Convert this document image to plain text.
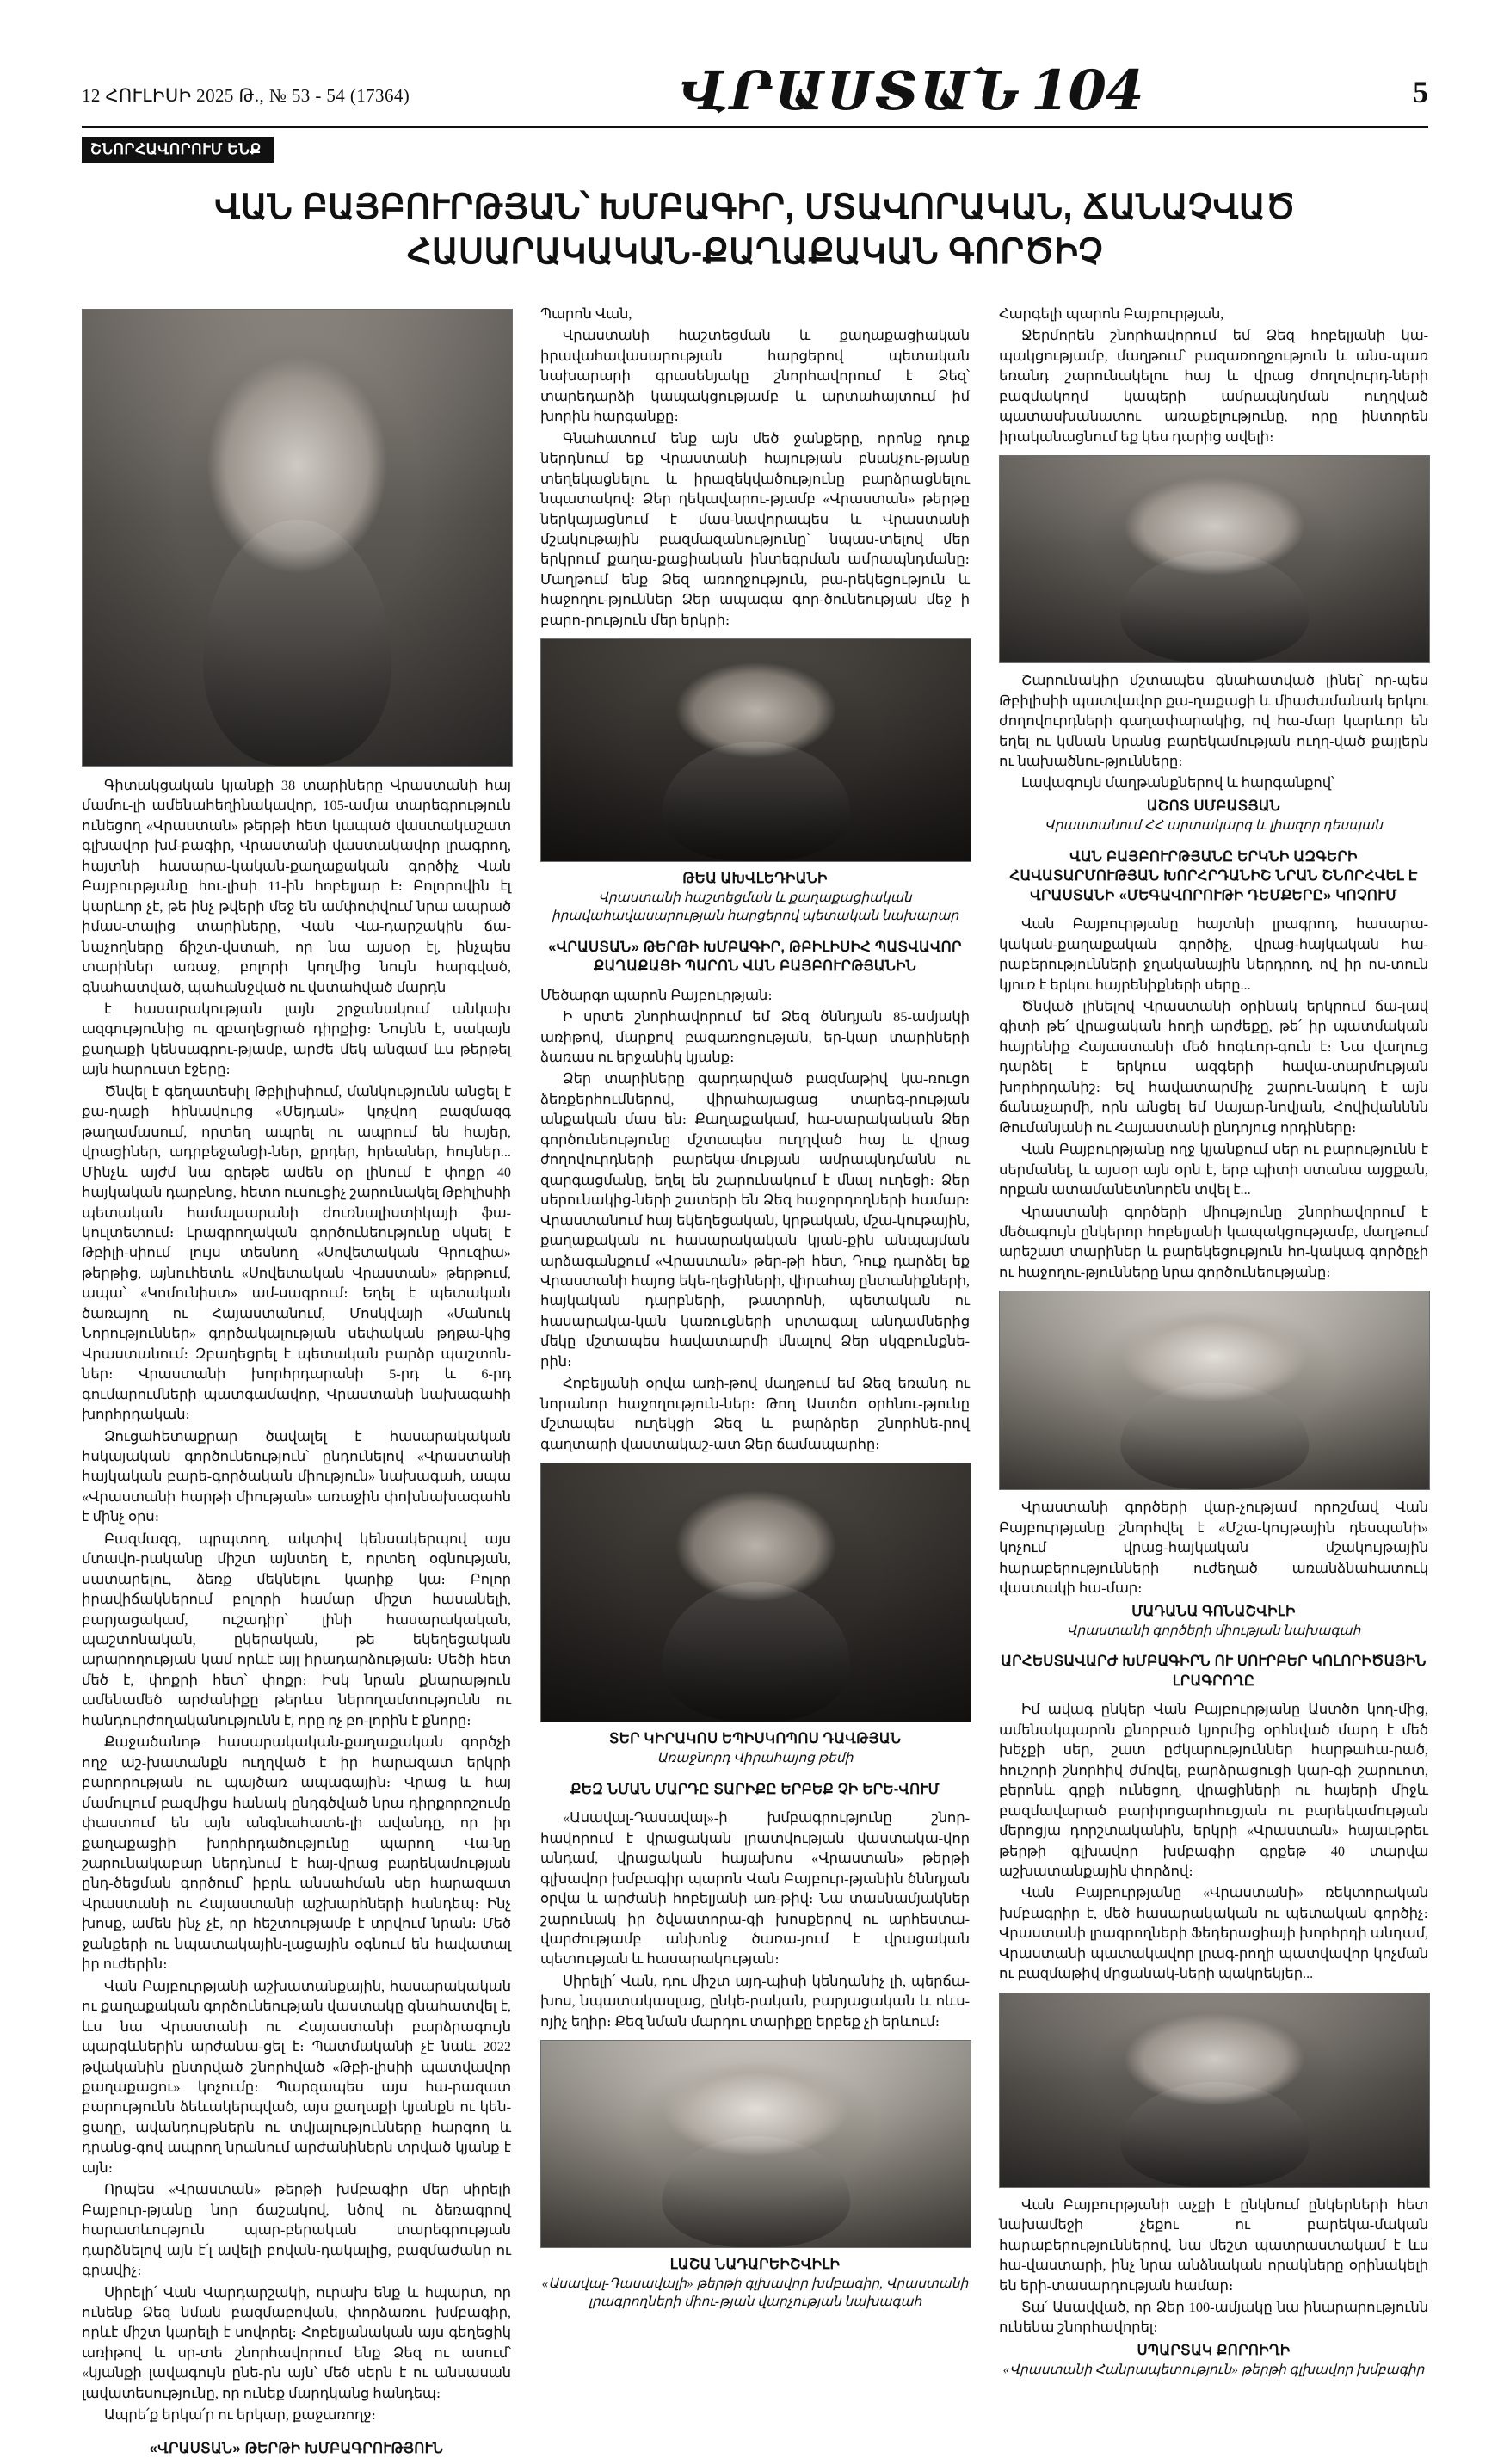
12 ՀՈՒԼԻՍԻ 2025 Թ., № 53 - 54 (17364)	ՎՐԱՍՏԱՆ 104	5
ՇՆՈՐՀԱՎՈՐՈՒՄ ԵՆՔ
ՎԱՆ ԲԱՅԲՈՒՐԹՅԱՆ՝ ԽՄԲԱԳԻՐ, ՄՏԱՎՈՐԱԿԱՆ, ՃԱՆԱՉՎԱԾ ՀԱՍԱՐԱԿԱԿԱՆ-ՔԱՂԱՔԱԿԱՆ ԳՈՐԾԻՉ

Գիտակցական կյանքի 38 տարիները Վրաստանի հայ մամու-լի ամենահեղինակավոր, 105-ամյա տարեգրություն ունեցող «Վրաստան» թերթի հետ կապած վաստակաշատ գլխավոր խմ-բագիր, Վրաստանի վաստակավոր լրագրող, հայտնի հասարա-կական-քաղաքական գործիչ Վան Բայբուրթյանը հու-լիսի 11-ին հոբելյար է։ Բոլորովին էլ կարևոր չէ, թե ինչ թվերի մեջ են ամփոփվում նրա ապրած իմաս-տալից տարիները, Վան Վա-դարշակին ճա-նաչողները ճիշտ-վստահ, որ նա այսօր էլ, ինչպես տարիներ առաջ, բոլորի կողմից նույն հարգված, գնահատված, պահանջված ու վստահված մարդն

է հասարակության լայն շրջանակում անկախ ազգությունից ու զբաղեցրած դիրքից։ Նույնն է, սակայն քաղաքի կենսագրու-թյամբ, արժե մեկ անգամ ևս թերթել այն հարուստ էջերը։

Ծնվել է գեղատեսիլ Թբիլիսիում, մանկությունն անցել է քա-ղաքի հինավուրց «Մեյդան» կոչվող բազմազգ թաղամասում, որտեղ ապրել ու ապրում են հայեր, վրացիներ, ադրբեջանցի-ներ, քրդեր, հրեաներ, հույներ... Մինչև այժմ նա գրեթե ամեն օր լինում է փոքր 40 հայկական դարբնոց, հետո ուսուցիչ շարունակել Թբիլիսիի պետական համալսարանի ժուռնալիստիկայի ֆա-կուլտետում։ Լրագրողական գործունեությունը սկսել է Թբիլի-սիում լույս տեսնող «Սովետական Գրուզիա» թերթից, այնուհետև «Սովետական Վրաստան» թերթում, ապա՝ «Կոմունիստ» ամ-սագրում։ Եղել է պետական ծառայող ու Հայաստանում, Մոսկվայի «Մանուկ Նորություններ» գործակալության սեփական թղթա-կից Վրաստանում։ Զբաղեցրել է պետական բարձր պաշտոն-ներ։ Վրաստանի խորհրդարանի 5-րդ և 6-րդ գումարումների պատգամավոր, Վրաստանի նախագահի խորհրդական։

Ձուցահետաքրար ծավալել է հասարակական հսկայական գործունեություն՝ ընդունելով «Վրաստանի հայկական բարե-գործական միություն» նախագահ, ապա «Վրաստանի հարթի միության» առաջին փոխնախագահն է մինչ օրս։

Բազմազգ, պրպտող, ակտիվ կենսակերպով այս մտավո-րականը միշտ այնտեղ է, որտեղ օգնության, սատարելու, ձեռք մեկնելու կարիք կա։ Բոլոր իրավիճակներում բոլորի համար միշտ հասանելի, բարյացակամ, ուշադիր՝ լինի հասարակական, պաշտոնական, ըկերական, թե եկեղեցական արարողության կամ որևէ այլ իրադարձության։ Մեծի հետ մեծ է, փոքրի հետ՝ փոքր։ Իսկ նրան քնարաթյուն ամենամեծ արժանիքը թերևս ներողամտությունն ու հանդուրժողականությունն է, որը ոչ բո-լորին է քնորը։

Քաջածանոթ հասարակական-քաղաքական գործչի ողջ աշ-խատանքն ուղղված է իր հարազատ երկրի բարորության ու պայծառ ապագային։ Վրաց և հայ մամուլում բազմիցս հանակ ընդգծված նրա դիրքորոշումը փաստում են այն անգնահատե-լի ավանդը, որ իր քաղաքացիի խորհրդածությունը պարող Վա-նը շարունակաբար ներդնում է հայ-վրաց բարեկամության ընդ-ծեցման գործում՝ իբրև անսահման սեր հարազատ Վրաստանի ու Հայաստանի աշխարհների հանդեպ։ Ինչ խոսք, ամեն ինչ չէ, որ հեշտությամբ է տրվում նրան։ Մեծ ջանքերի ու նպատակային-լացային օգնում են հավատալ իր ուժերին։

Վան Բայբուրթյանի աշխատանքային, հասարակական ու քաղաքական գործունեության վաստակը գնահատվել է, ևս նա Վրաստանի ու Հայաստանի բարձրագույն պարգևներին արժանա-ցել է։ Պատմականի չէ նաև 2022 թվականին ընտրված շնորհված «Թբի-լիսիի պատվավոր քաղաքացու» կոչումը։ Պարզապես այս հա-րազատ բարությունն ձեևակերպված, այս քաղաքի կյանքն ու կեն-ցաղը, ավանդույթներն ու տվյալությունները հարգող և դրանց-գով ապրող նրանում արժանիներն տրված կյանք է այն։

Որպես «Վրաստան» թերթի խմբագիր մեր սիրելի Բայբուր-թյանը նոր ճաշակով, նծով ու ձեռագրով հարատևություն պար-բերական տարեգրության դարձնելով այն է՛լ ավելի բովան-դակալից, բազմաժանր ու գրավիչ։

Սիրելի՛ Վան Վարդարշակի, ուրախ ենք և հպարտ, որ ունենք Ձեզ նման բազմաբովան, փորձառու խմբագիր, որևէ միշտ կարելի է սովորել։ Հոբելյանական այս գեղեցիկ առիթով և սր-տե շնորհավորում ենք Ձեզ ու ասում՝ «կյանքի լավագույն ընե-րն այն՝ մեծ սերն է ու անսասան լավատեսությունը, որ ունեք մարդկանց հանդեպ։

Ապրե՛ք երկա՛ր ու երկար, քաջառողջ։

«ՎՐԱՍՏԱՆ» ԹԵՐԹԻ ԽՄԲԱԳՐՈՒԹՅՈՒՆ

Պարոն Վան,

Վրաստանի հաշտեցման և քաղաքացիական իրավահավասարության հարցերով պետական նախարարի գրասենյակը շնորհավորում է Ձեզ՝ տարեդարձի կապակցությամբ և արտահայտում իմ խորին հարգանքը։

Գնահատում ենք այն մեծ ջանքերը, որոնք դուք ներդնում եք Վրաստանի հայության բնակչու-թյանը տեղեկացնելու և իրազեկվածությունը բարձրացնելու նպատակով։ Ձեր ղեկավարու-թյամբ «Վրաստան» թերթը ներկայացնում է մաս-նավորապես և Վրաստանի մշակութային բազմազանությունը՝ նպաս-տելով մեր երկրում քաղա-քացիական ինտեգրման ամրապնդմանը։ Մաղթում ենք Ձեզ առողջություն, բա-րեկեցություն և հաջողու-թյուններ Ձեր ապագա գոր-ծունեության մեջ ի բարո-րություն մեր երկրի։

ԹԵԱ ԱԽՎԼԵԴԻԱՆԻ
Վրաստանի հաշտեցման և քաղաքացիական իրավահավասարության հարցերով պետական նախարար
«ՎՐԱՍՏԱՆ» ԹԵՐԹԻ ԽՄԲԱԳԻՐ, ԹԲԻԼԻՍԻՀ ՊԱՏՎԱՎՈՐ ՔԱՂԱՔԱՑԻ ՊԱՐՈՆ ՎԱՆ ԲԱՅԲՈՒՐԹՅԱՆԻՆ

Մեծարգո պարոն Բայբուրթյան։

Ի սրտե շնորհավորում եմ Ձեզ ծննդյան 85-ամյակի առիթով, մարքով բազառոցության, եր-կար տարիների ձառաս ու երջանիկ կյանք։

Ձեր տարիները գարդարված բազմաթիվ կա-ռուցո ձեռքերհումներով, վիրահայացաց տարեգ-րության անքական մաս են։ Քաղաքակամ, հա-սարակական Ձեր գործունեությունը մշտապես ուղղված հայ և վրաց ժողովուրդների բարեկա-մության ամրապնդմանն ու զարգացմանը, եղել են շարունակում է մնալ ուղեցի։ Ձեր սերունակից-ների շատերի են Ձեզ հաջորդողների համար։ Վրաստանում հայ եկեղեցական, կրթական, մշա-կութային, քաղաքական ու հասարակական կյան-քին անպայման արձագանքում «Վրաստան» թեր-թի հետ, Դուք դարձել եք Վրաստանի հայոց եկե-ղեցիների, վիրահայ ընտանիքների, հայկական դարբների, թատրոնի, պետական ու հասարակա-կան կառուցների սրտագալ անդամներից մեկը մշտապես հավատարմի մնալով Ձեր սկզբունքնե-րին։

Հոբելյանի օրվա առի-թով մաղթում եմ Ձեզ եռանդ ու նորանոր հաջողություն-ներ։ Թող Աստծո օրհնու-թյունը մշտապես ուղեկցի Ձեզ և բարձրեր շնորհնե-րով գաղտարի վաստակաշ-ատ Ձեր ճամապարհը։

ՏԵՐ ԿԻՐԱԿՈՍ ԵՊԻՍԿՈՊՈՍ ԴԱՎԹՅԱՆ
Առաջնորդ Վիրահայոց թեմի
ՔԵԶ ՆՄԱՆ ՄԱՐԴԸ ՏԱՐԻՔԸ ԵՐԲԵՔ ՉԻ ԵՐԵ-ՎՈՒՄ

«Ասավալ-Դասավալ»-ի խմբագրությունը շնոր-հավորում է վրացական լրատվության վաստակա-վոր անդամ, վրացական հայախոս «Վրաստան» թերթի գլխավոր խմբագիր պարոն Վան Բայբուր-թյանին ծննդյան օրվա և արժանի հոբելյանի առ-թիվ։ Նա տասնամյակներ շարունակ իր ծվսատորա-գի խոսքերով ու արհեստա-վարժությամբ անխոնջ ծառա-յում է վրացական պետության և հասարակության։

Սիրելի՛ Վան, դու միշտ այդ-պիսի կենդանիչ լի, պերճա-խոս, նպատակասլաց, ընկե-րական, բարյացական և ոևս-ոյիչ եղիր։ Քեզ նման մարդու տարիքը երբեք չի երևում։

ԼԱՇԱ ՆԱԴԱՐԵԻՇՎԻԼԻ
«Ասավալ-Դասավալի» թերթի գլխավոր խմբագիր, Վրաստանի լրագրողների միու-թյան վարչության նախագահ

Հարգելի պարոն Բայբուրթյան,

Ջերմորեն շնորհավորում եմ Ձեզ հոբելյանի կա-պակցությամբ, մաղթում՝ բազառողջություն և անս-պառ եռանդ շարունակելու հայ և վրաց ժողովուրդ-ների բազմակողմ կապերի ամրապնդման ուղղված պատասխանատու առաքելությունը, որը ինտորեն իրականացնում եք կես դարից ավելի։

Շարունակիր մշտապես գնահատված լինել՝ որ-պես Թբիլիսիի պատվավոր քա-ղաքացի և միաժամանակ երկու ժողովուրդների գաղափարակից, ով հա-մար կարևոր են եղել ու կմնան նրանց բարեկամության ուղղ-ված քայլերն ու նախածնու-թյունները։

Լավագույն մաղթանքներով և հարգանքով՝

ԱՇՈՏ ՍՄԲԱՏՅԱՆ
Վրաստանում ՀՀ արտակարգ և լիազոր դեսպան
ՎԱՆ ԲԱՅԲՈՒՐԹՅԱՆԸ ԵՐԿՆԻ ԱԶԳԵՐԻ ՀԱՎԱՏԱՐՄՈՒԹՅԱՆ ԽՈՐՀՐԴԱՆԻՇ ՆՐԱՆ ՇՆՈՐՀՎԵԼ Է ՎՐԱՍՏԱՆԻ «ՄԵԳԱՎՈՐՈՒԹԻ ԴԵՄՔԵՐԸ» ԿՈՉՈՒՄ

Վան Բայբուրթյանը հայտնի լրագրող, հասարա-կական-քաղաքական գործիչ, վրաց-հայկական հա-րաբերությունների ջղականային ներդրող, ով իր ոս-տուն կյուռ է երկու հայրենիքների սերը...

Ծնված լինելով Վրաստանի օրինակ երկրում ճա-լավ գիտի թե՛ վրացական հողի արժեքը, թե՛ իր պատմական հայրենիք Հայաստանի մեծ հոգևոր-գուն է։ Նա վաղուց դարձել է երկուս ազգերի հավա-տարմության խորհրդանիշ։ Եվ հավատարմիչ շարու-նակող է այն ճանաչարմի, որն անցել եմ Սայար-նովյան, Հովիվանննն Թումանյանի ու Հայաստանի ընդոյուց որդիները։

Վան Բայբուրթյանը ողջ կյանքում սեր ու բարությունն է սերմանել, և այսօր այն օրն է, երբ պիտի ստանա այցքան, որքան ատամանետնորեն տվել է...

Վրաստանի գործերի միությունը շնորհավորում է մեծագույն ընկերոր հոբելյանի կապակցությամբ, մաղթում արեշատ տարիներ և բարեկեցություն հո-կակագ գործըչի ու հաջողու-թյունները նրա գործունեությանը։

Վրաստանի գործերի վար-չությամ որոշմավ Վան Բայբուրթյանը շնորհվել է «Մշա-կույթային դեսպանի» կոչում վրաց-հայկական մշակույթային հարաբերությունների ուժեղած առանձնահատուկ վաստակի հա-մար։

ՄԱԴԱՆԱ ԳՈՆԱՇՎԻԼԻ
Վրաստանի գործերի միության նախագահ
ԱՐՀԵՍՏԱՎԱՐԺ ԽՄԲԱԳԻՐՆ ՈՒ ՍՈՒՐԲԵՐ ԿՈԼՈՐԻԾԱՅԻՆ ԼՐԱԳՐՈՂԸ

Իմ ավագ ընկեր Վան Բայբուրթյանը Աստծո կող-մից, ամենակպարոն քնորբած կյորմից օրհնված մարդ է մեծ խեչքի սեր, շատ ըժկարություններ հարթահա-րած, հուշորի շնորհիվ ժմովել, բարձրացուցի կար-գի շարուոտ, բերոնև գրքի ունեցող, վրացիների ու հայերի միջև բազմավարած բարիրոցարհուցյան ու բարեկամության մերոցյա դորշտականին, երկրի «Վրաստան» հայաւթրեւ թերթի գլխավոր խմբագիր գրքեթ 40 տարվա աշխատանքային փորձով։

Վան Բայբուրթյանը «Վրաստանի» ռեկտորական խմբագրիր է, մեծ հասարակական ու պետական գործիչ։ Վրաստանի լրագրողների Ֆեդերացիայի խորհրդի անդամ, Վրաստանի պատակավոր լրագ-րողի պատվավոր կոչման ու բազմաթիվ մրցանակ-ների պակրեկյեր...

Վան Բայբուրթյանի աչքի է ընկնում ընկերների հետ նախամեջի չեքու ու բարեկա-մական հարաբերություններով, նա մեշտ պատրաստակամ է ևս հա-վաստարի, ինչ նրա անձնական որակները օրինակելի են երի-տասարդության համար։

Տա՛ Ասավված, որ Ձեր 100-ամյակը նա ինարարությունն ունենա շնորհավորել։

ՍՊԱՐՏԱԿ ՔՈՐՈԻՂԻ
«Վրաստանի Հանրապետություն» թերթի գլխավոր խմբագիր
